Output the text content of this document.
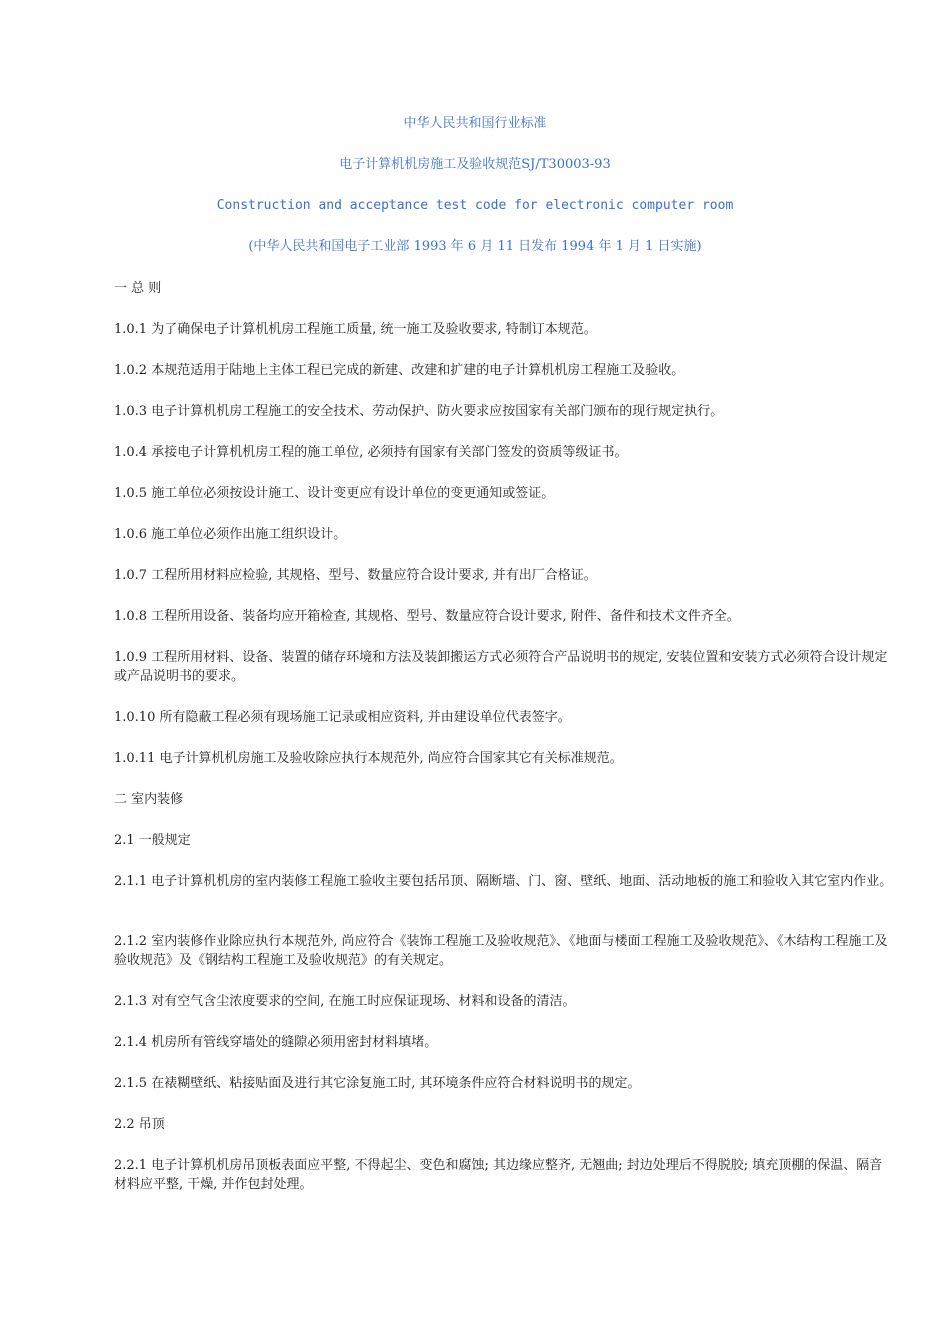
中华人民共和国行业标准
电子计算机机房施工及验收规范SJ/T30003-93
Construction and acceptance test code for electronic computer room
(中华人民共和国电子工业部 1993 年 6 月 11 日发布 1994 年 1 月 1 日实施)
一 总 则
1.0.1 为了确保电子计算机机房工程施工质量, 统一施工及验收要求, 特制订本规范。
1.0.2 本规范适用于陆地上主体工程已完成的新建、改建和扩建的电子计算机机房工程施工及验收。
1.0.3 电子计算机机房工程施工的安全技术、劳动保护、防火要求应按国家有关部门颁布的现行规定执行。
1.0.4 承接电子计算机机房工程的施工单位, 必须持有国家有关部门签发的资质等级证书。
1.0.5 施工单位必须按设计施工、设计变更应有设计单位的变更通知或签证。
1.0.6 施工单位必须作出施工组织设计。
1.0.7 工程所用材料应检验, 其规格、型号、数量应符合设计要求, 并有出厂合格证。
1.0.8 工程所用设备、装备均应开箱检查, 其规格、型号、数量应符合设计要求, 附件、备件和技术文件齐全。
1.0.9 工程所用材料、设备、装置的储存环境和方法及装卸搬运方式必须符合产品说明书的规定, 安装位置和安装方式必须符合设计规定或产品说明书的要求。
1.0.10 所有隐蔽工程必须有现场施工记录或相应资料, 并由建设单位代表签字。
1.0.11 电子计算机机房施工及验收除应执行本规范外, 尚应符合国家其它有关标准规范。
二 室内装修
2.1 一般规定
2.1.1 电子计算机机房的室内装修工程施工验收主要包括吊顶、隔断墙、门、窗、壁纸、地面、活动地板的施工和验收入其它室内作业。
2.1.2 室内装修作业除应执行本规范外, 尚应符合《装饰工程施工及验收规范》、《地面与楼面工程施工及验收规范》、《木结构工程施工及验收规范》及《钢结构工程施工及验收规范》的有关规定。
2.1.3 对有空气含尘浓度要求的空间, 在施工时应保证现场、材料和设备的清洁。
2.1.4 机房所有管线穿墙处的缝隙必须用密封材料填堵。
2.1.5 在裱糊壁纸、粘接贴面及进行其它涂复施工时, 其环境条件应符合材料说明书的规定。
2.2 吊顶
2.2.1 电子计算机机房吊顶板表面应平整, 不得起尘、变色和腐蚀; 其边缘应整齐, 无翘曲; 封边处理后不得脱胶; 填充顶棚的保温、隔音材料应平整, 干燥, 并作包封处理。
